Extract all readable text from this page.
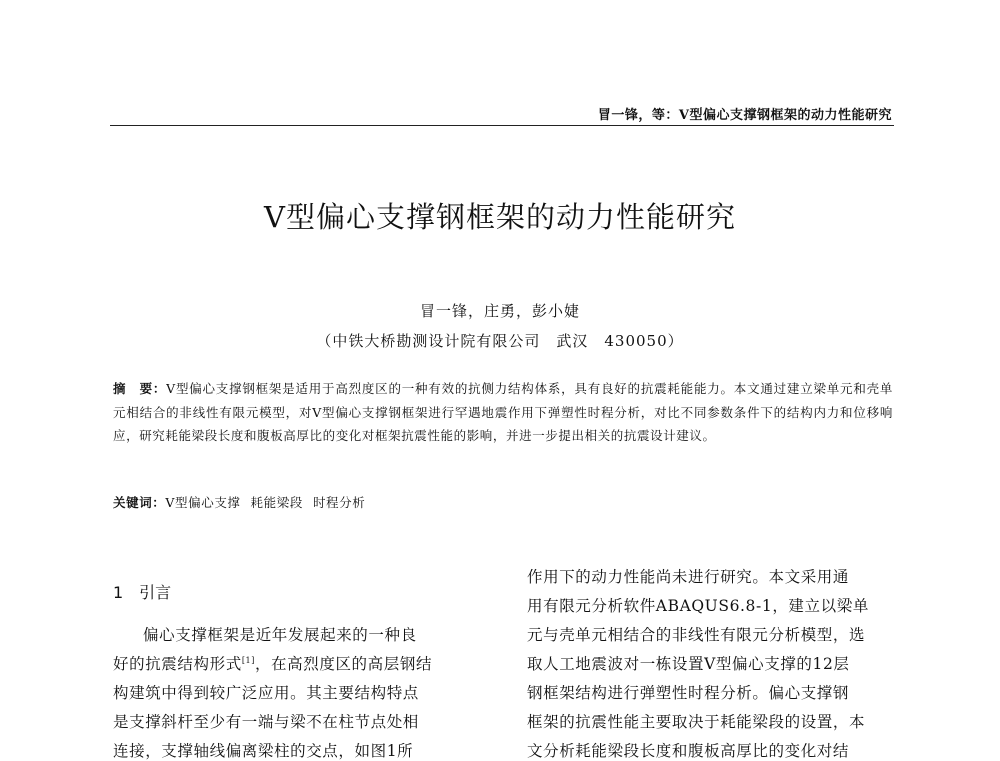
冒一锋，等：V型偏心支撑钢框架的动力性能研究
V型偏心支撑钢框架的动力性能研究
冒一锋，庄勇，彭小婕
（中铁大桥勘测设计院有限公司　武汉　430050）
摘　要：V型偏心支撑钢框架是适用于高烈度区的一种有效的抗侧力结构体系，具有良好的抗震耗能能力。本文通过建立梁单元和壳单元相结合的非线性有限元模型，对V型偏心支撑钢框架进行罕遇地震作用下弹塑性时程分析，对比不同参数条件下的结构内力和位移响应，研究耗能梁段长度和腹板高厚比的变化对框架抗震性能的影响，并进一步提出相关的抗震设计建议。
关键词：V型偏心支撑 耗能梁段 时程分析
1　引言
偏心支撑框架是近年发展起来的一种良
好的抗震结构形式[1]，在高烈度区的高层钢结
构建筑中得到较广泛应用。其主要结构特点
是支撑斜杆至少有一端与梁不在柱节点处相
连接，支撑轴线偏离梁柱的交点，如图1所
作用下的动力性能尚未进行研究。本文采用通
用有限元分析软件ABAQUS6.8-1，建立以梁单
元与壳单元相结合的非线性有限元分析模型，选
取人工地震波对一栋设置V型偏心支撑的12层
钢框架结构进行弹塑性时程分析。偏心支撑钢
框架的抗震性能主要取决于耗能梁段的设置，本
文分析耗能梁段长度和腹板高厚比的变化对结
